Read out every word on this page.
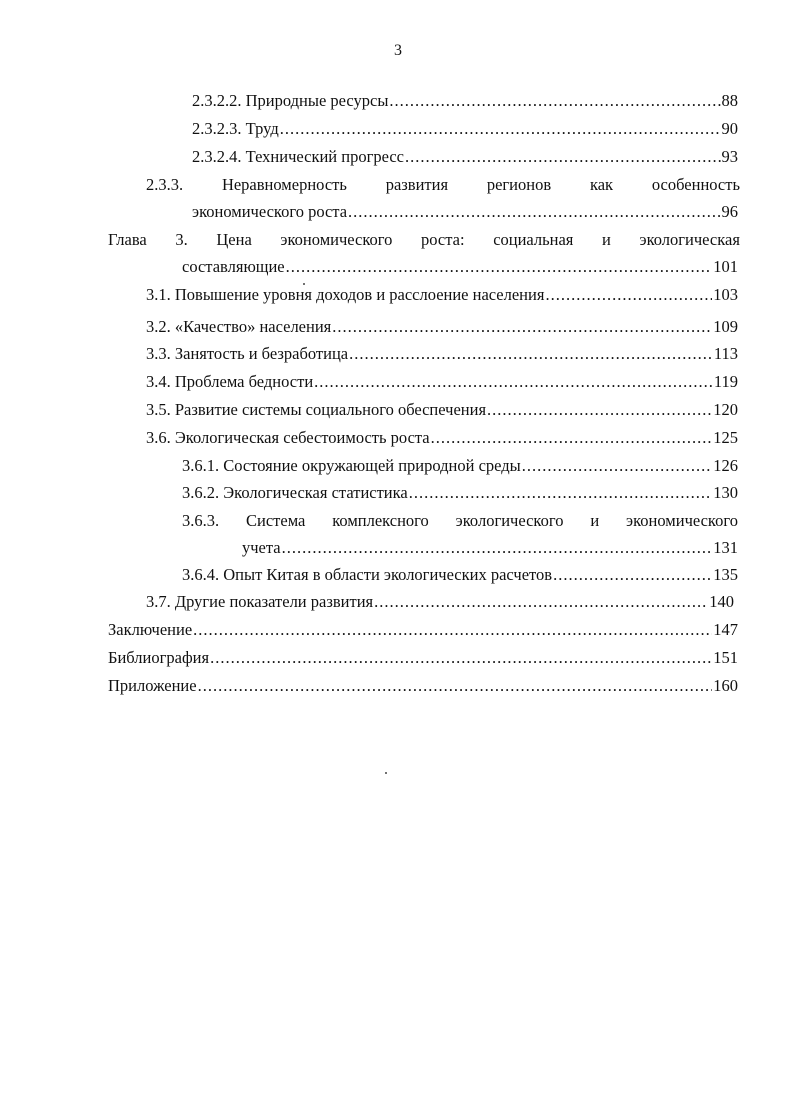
3
2.3.2.2. Природные ресурсы .....	88
2.3.2.3. Труд .....	90
2.3.2.4. Технический прогресс .....	93
2.3.3. Неравномерность развития регионов как особенность
экономического роста .....	96
Глава 3. Цена экономического роста: социальная и экологическая
составляющие .....	101
3.1. Повышение уровня доходов и расслоение населения .....	103
3.2. «Качество» населения .....	109
3.3. Занятость и безработица .....	113
3.4. Проблема бедности .....	119
3.5. Развитие системы социального обеспечения .....	120
3.6. Экологическая себестоимость роста .....	125
3.6.1. Состояние окружающей природной среды .....	126
3.6.2. Экологическая статистика .....	130
3.6.3. Система комплексного экологического и экономического
учета .....	131
3.6.4. Опыт Китая в области экологических расчетов .....	135
3.7. Другие показатели развития .....	140
Заключение .....	147
Библиография .....	151
Приложение .....	160
